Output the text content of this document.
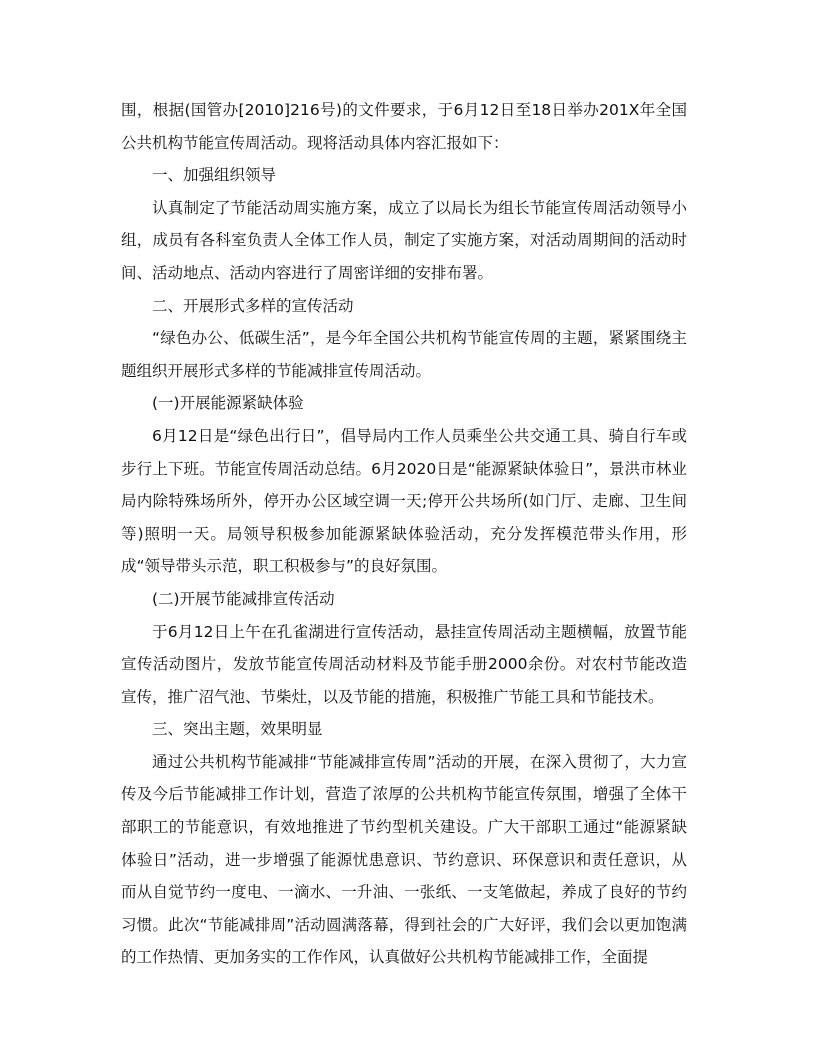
围，根据(国管办[2010]216号)的文件要求，于6月12日至18日举办201X年全国公共机构节能宣传周活动。现将活动具体内容汇报如下：

一、加强组织领导

认真制定了节能活动周实施方案，成立了以局长为组长节能宣传周活动领导小组，成员有各科室负责人全体工作人员，制定了实施方案，对活动周期间的活动时间、活动地点、活动内容进行了周密详细的安排布署。

二、开展形式多样的宣传活动

“绿色办公、低碳生活”，是今年全国公共机构节能宣传周的主题，紧紧围绕主题组织开展形式多样的节能减排宣传周活动。

(一)开展能源紧缺体验

6月12日是“绿色出行日”，倡导局内工作人员乘坐公共交通工具、骑自行车或步行上下班。节能宣传周活动总结。6月2020日是“能源紧缺体验日”，景洪市林业局内除特殊场所外，停开办公区域空调一天;停开公共场所(如门厅、走廊、卫生间等)照明一天。局领导积极参加能源紧缺体验活动，充分发挥模范带头作用，形成“领导带头示范，职工积极参与”的良好氛围。

(二)开展节能减排宣传活动

于6月12日上午在孔雀湖进行宣传活动，悬挂宣传周活动主题横幅，放置节能宣传活动图片，发放节能宣传周活动材料及节能手册2000余份。对农村节能改造宣传，推广沼气池、节柴灶，以及节能的措施，积极推广节能工具和节能技术。

三、突出主题，效果明显

通过公共机构节能减排“节能减排宣传周”活动的开展，在深入贯彻了，大力宣传及今后节能减排工作计划，营造了浓厚的公共机构节能宣传氛围，增强了全体干部职工的节能意识，有效地推进了节约型机关建设。广大干部职工通过“能源紧缺体验日”活动，进一步增强了能源忧患意识、节约意识、环保意识和责任意识，从而从自觉节约一度电、一滴水、一升油、一张纸、一支笔做起，养成了良好的节约习惯。此次“节能减排周”活动圆满落幕，得到社会的广大好评，我们会以更加饱满的工作热情、更加务实的工作作风，认真做好公共机构节能减排工作，全面提
